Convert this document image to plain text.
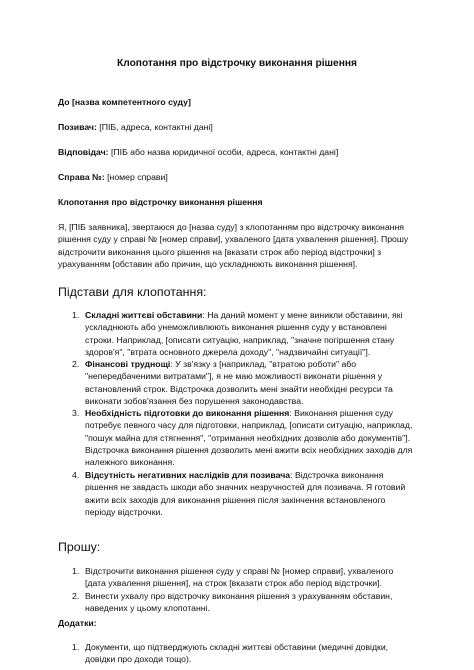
Клопотання про відстрочку виконання рішення
До [назва компетентного суду]
Позивач: [ПІБ, адреса, контактні дані]
Відповідач: [ПІБ або назва юридичної особи, адреса, контактні дані]
Справа №: [номер справи]
Клопотання про відстрочку виконання рішення
Я, [ПІБ заявника], звертаюся до [назва суду] з клопотанням про відстрочку виконання
рішення суду у справі № [номер справи], ухваленого [дата ухвалення рішення]. Прошу
відстрочити виконання цього рішення на [вказати строк або період відстрочки] з
урахуванням [обставин або причин, що ускладнюють виконання рішення].
Підстави для клопотання:
1. Складні життєві обставини: На даний момент у мене виникли обставини, які
ускладнюють або унеможливлюють виконання рішення суду у встановлені
строки. Наприклад, [описати ситуацію, наприклад, "значне погіршення стану
здоров'я", "втрата основного джерела доходу", "надзвичайні ситуації"].
2. Фінансові труднощі: У зв'язку з [наприклад, "втратою роботи" або
"непередбаченими витратами"], я не маю можливості виконати рішення у
встановлений строк. Відстрочка дозволить мені знайти необхідні ресурси та
виконати зобов'язання без порушення законодавства.
3. Необхідність підготовки до виконання рішення: Виконання рішення суду
потребує певного часу для підготовки, наприклад, [описати ситуацію, наприклад,
"пошук майна для стягнення", "отримання необхідних дозволів або документів"].
Відстрочка виконання рішення дозволить мені вжити всіх необхідних заходів для
належного виконання.
4. Відсутність негативних наслідків для позивача: Відстрочка виконання
рішення не завдасть шкоди або значних незручностей для позивача. Я готовий
вжити всіх заходів для виконання рішення після закінчення встановленого
періоду відстрочки.
Прошу:
1. Відстрочити виконання рішення суду у справі № [номер справи], ухваленого
[дата ухвалення рішення], на строк [вказати строк або період відстрочки].
2. Винести ухвалу про відстрочку виконання рішення з урахуванням обставин,
наведених у цьому клопотанні.
Додатки:
1. Документи, що підтверджують складні життєві обставини (медичні довідки,
довідки про доходи тощо).
